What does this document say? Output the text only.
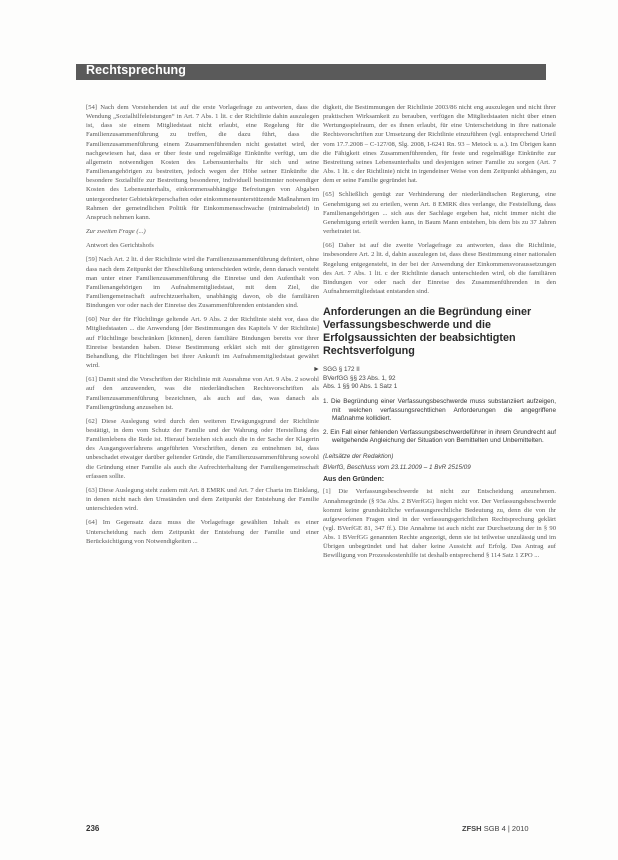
Rechtsprechung

[54] Nach dem Vorstehenden ist auf die erste Vorlagefrage zu antworten, dass die Wendung „Sozialhilfeleistungen“ in Art. 7 Abs. 1 lit. c der Richtlinie dahin auszulegen ist, dass sie einem Mitgliedstaat nicht erlaubt, eine Regelung für die Familienzusammenführung zu treffen, die dazu führt, dass die Familienzusammenführung einem Zusammenführenden nicht gestattet wird, der nachgewiesen hat, dass er über feste und regelmäßige Einkünfte verfügt, um die allgemein notwendigen Kosten des Lebensunterhalts für sich und seine Familienangehörigen zu bestreiten, jedoch wegen der Höhe seiner Einkünfte die besondere Sozialhilfe zur Bestreitung besonderer, individuell bestimmter notwendiger Kosten des Lebensunterhalts, einkommensabhängige Befreiungen von Abgaben untergeordneter Gebietskörperschaften oder einkommensunterstützende Maßnahmen im Rahmen der gemeindlichen Politik für Einkommensschwache (minimabeleid) in Anspruch nehmen kann.

Zur zweiten Frage (...)

Antwort des Gerichtshofs

[59] Nach Art. 2 lit. d der Richtlinie wird die Familienzusammenführung definiert, ohne dass nach dem Zeitpunkt der Eheschließung unterschieden würde, denn danach versteht man unter einer Familienzusammenführung die Einreise und den Aufenthalt von Familienangehörigen im Aufnahmemitgliedstaat, mit dem Ziel, die Familiengemeinschaft aufrechtzuerhalten, unabhängig davon, ob die familiären Bindungen vor oder nach der Einreise des Zusammenführenden entstanden sind.

[60] Nur der für Flüchtlinge geltende Art. 9 Abs. 2 der Richtlinie sieht vor, dass die Mitgliedstaaten ... die Anwendung [der Bestimmungen des Kapitels V der Richtlinie] auf Flüchtlinge beschränken [können], deren familiäre Bindungen bereits vor ihrer Einreise bestanden haben. Diese Bestimmung erklärt sich mit der günstigeren Behandlung, die Flüchtlingen bei ihrer Ankunft im Aufnahmemitgliedstaat gewährt wird.

[61] Damit sind die Vorschriften der Richtlinie mit Ausnahme von Art. 9 Abs. 2 sowohl auf den anzuwenden, was die niederländischen Rechtsvorschriften als Familienzusammenführung bezeichnen, als auch auf das, was danach als Familiengründung anzusehen ist.

[62] Diese Auslegung wird durch den weiteren Erwägungsgrund der Richtlinie bestätigt, in dem vom Schutz der Familie und der Wahrung oder Herstellung des Familienlebens die Rede ist. Hierauf beziehen sich auch die in der Sache der Klagerin des Ausgangsverfahrens angeführten Vorschriften, denen zu entnehmen ist, dass unbeschadet etwaiger darüber geltender Gründe, die Familienzusammenführung sowohl die Gründung einer Familie als auch die Aufrechterhaltung der Familiengemeinschaft erfassen sollte.

[63] Diese Auslegung steht zudem mit Art. 8 EMRK und Art. 7 der Charta im Einklang, in denen nicht nach den Umständen und dem Zeitpunkt der Entstehung der Familie unterschieden wird.

[64] Im Gegensatz dazu muss die Vorlagefrage gewählten Inhalt es einer Unterscheidung nach dem Zeitpunkt der Entstehung der Familie und einer Berücksichtigung von Notwendigkeiten ...

digkeit, die Bestimmungen der Richtlinie 2003/86 nicht eng auszulegen und nicht ihrer praktischen Wirksamkeit zu berauben, verfügen die Mitgliedstaaten nicht über einen Wertungsspielraum, der es ihnen erlaubt, für eine Unterscheidung in ihre nationale Rechtsvorschriften zur Umsetzung der Richtlinie einzuführen (vgl. entsprechend Urteil vom 17.7.2008 – C-127/08, Slg. 2008, I-6241 Rn. 93 – Metock u. a.). Im Übrigen kann die Fähigkeit eines Zusammenführenden, für feste und regelmäßige Einkünfte zur Bestreitung seines Lebensunterhalts und desjenigen seiner Familie zu sorgen (Art. 7 Abs. 1 lit. c der Richtlinie) nicht in irgendeiner Weise von dem Zeitpunkt abhängen, zu dem er seine Familie gegründet hat.

[65] Schließlich genügt zur Verhinderung der niederländischen Regierung, eine Genehmigung sei zu erteilen, wenn Art. 8 EMRK dies verlange, die Feststellung, dass Familienangehörigen ... sich aus der Sachlage ergeben hat, nicht immer nicht die Genehmigung erteilt werden kann, in Baum Mann entstehen, bis dem bis zu 37 Jahren verheiratet ist.

[66] Daher ist auf die zweite Vorlagefrage zu antworten, dass die Richtlinie, insbesondere Art. 2 lit. d, dahin auszulegen ist, dass diese Bestimmung einer nationalen Regelung entgegensteht, in der bei der Anwendung der Einkommensvoraussetzungen des Art. 7 Abs. 1 lit. c der Richtlinie danach unterschieden wird, ob die familiären Bindungen vor oder nach der Einreise des Zusammenführenden in den Aufnahmemitgliedstaat entstanden sind.

Anforderungen an die Begründung einer Verfassungsbeschwerde und die Erfolgsaussichten der beabsichtigten Rechtsverfolgung
► SGG § 172 II
BVerfGG §§ 23 Abs. 1, 92
Abs. 1 §§ 90 Abs. 1 Satz 1
1. Die Begründung einer Verfassungsbeschwerde muss substanziiert aufzeigen, mit welchen verfassungsrechtlichen Anforderungen die angegriffene Maßnahme kollidiert.
2. Ein Fall einer fehlenden Verfassungsbeschwerdeführer in ihrem Grundrecht auf weitgehende Angleichung der Situation von Bemittelten und Unbemittelten.
(Leitsätze der Redaktion)
BVerfG, Beschluss vom 23.11.2009 – 1 BvR 2515/09
Aus den Gründen:

[1] Die Verfassungsbeschwerde ist nicht zur Entscheidung anzunehmen. Annahmegründe (§ 93a Abs. 2 BVerfGG) liegen nicht vor. Der Verfassungsbeschwerde kommt keine grundsätzliche verfassungsrechtliche Bedeutung zu, denn die von ihr aufgeworfenen Fragen sind in der verfassungsgerichtlichen Rechtsprechung geklärt (vgl. BVerfGE 81, 347 ff.). Die Annahme ist auch nicht zur Durchsetzung der in § 90 Abs. 1 BVerfGG genannten Rechte angezeigt, denn sie ist teilweise unzulässig und im Übrigen unbegründet und hat daher keine Aussicht auf Erfolg. Das Antrag auf Bewilligung von Prozesskostenhilfe ist deshalb entsprechend § 114 Satz 1 ZPO ...

236	ZFSH SGB 4 | 2010
